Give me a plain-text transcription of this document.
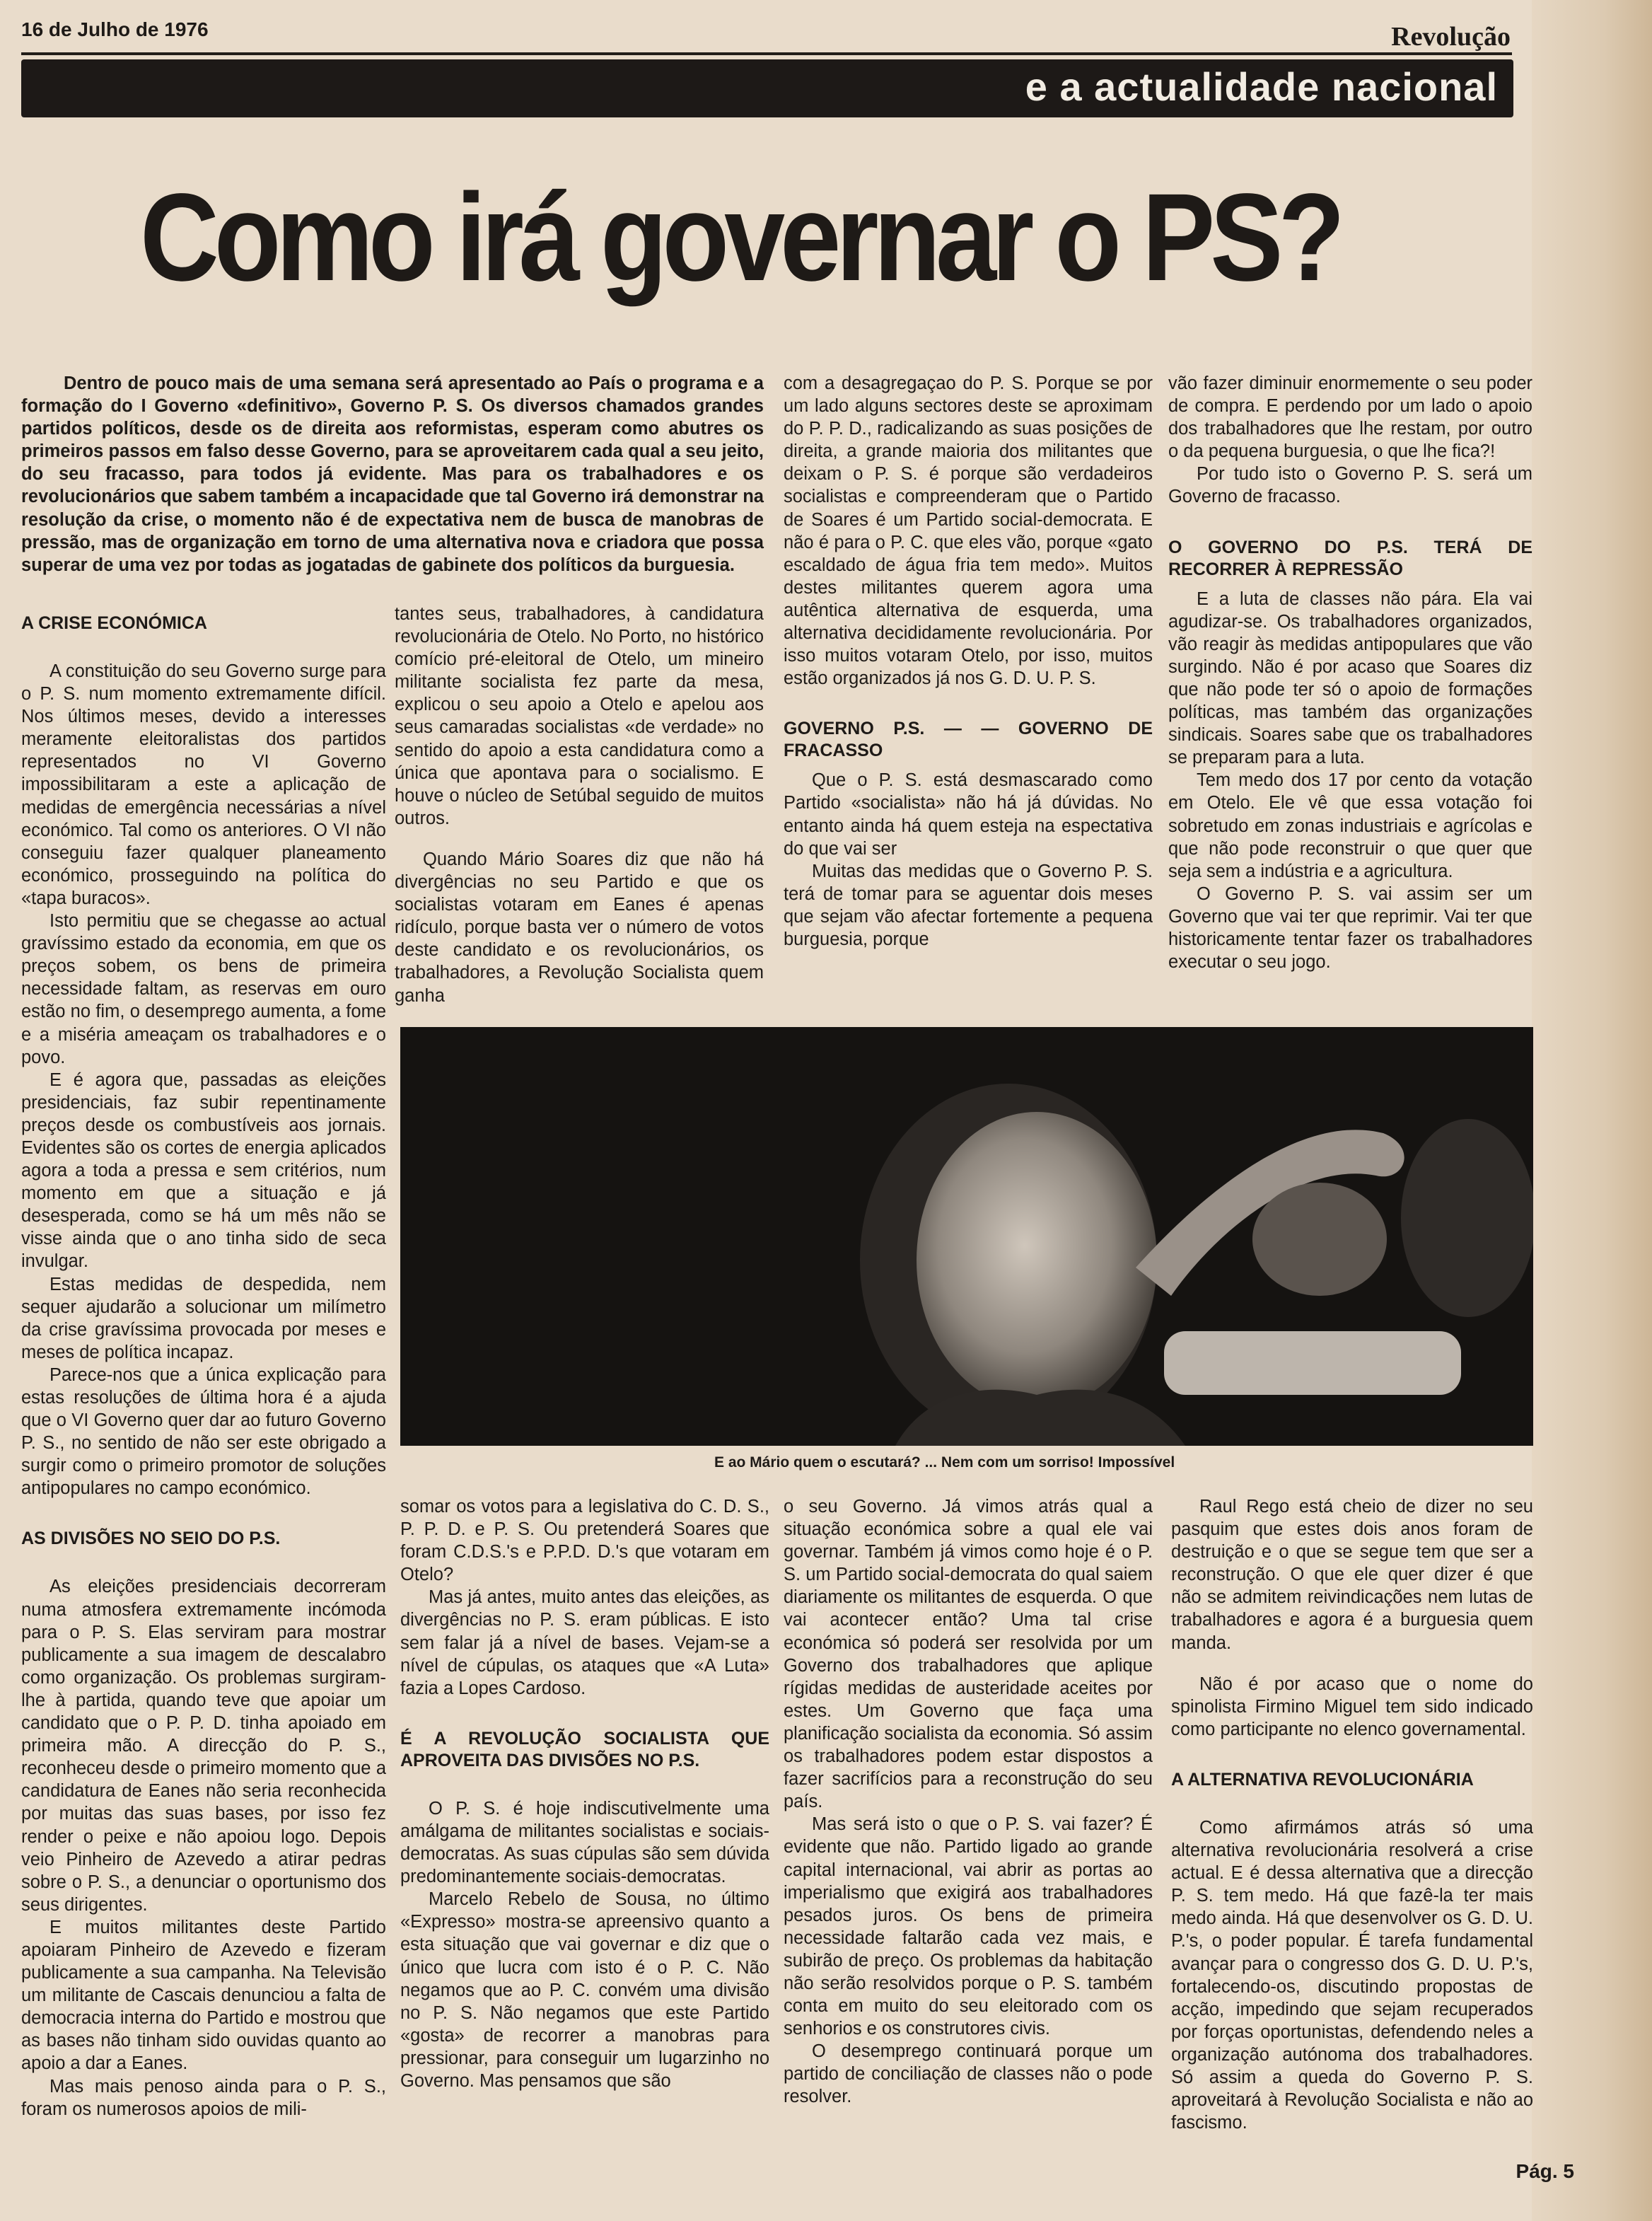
16 de Julho de 1976	Revolução
e a actualidade nacional
Como irá governar o PS?

Dentro de pouco mais de uma semana será apresentado ao País o programa e a formação do I Governo «definitivo», Governo P. S. Os diversos chamados grandes partidos políticos, desde os de direita aos reformistas, esperam como abutres os primeiros passos em falso desse Governo, para se aproveitarem cada qual a seu jeito, do seu fracasso, para todos já evidente. Mas para os trabalhadores e os revolucionários que sabem também a incapacidade que tal Governo irá demonstrar na resolução da crise, o momento não é de expectativa nem de busca de manobras de pressão, mas de organização em torno de uma alternativa nova e criadora que possa superar de uma vez por todas as jogatadas de gabinete dos políticos da burguesia.

A CRISE ECONÓMICA

A constituição do seu Governo surge para o P. S. num momento extremamente difícil. Nos últimos meses, devido a interesses meramente eleitoralistas dos partidos representados no VI Governo impossibilitaram a este a aplicação de medidas de emergência necessárias a nível económico. Tal como os anteriores. O VI não conseguiu fazer qualquer planeamento económico, prosseguindo na política do «tapa buracos».

Isto permitiu que se chegasse ao actual gravíssimo estado da economia, em que os preços sobem, os bens de primeira necessidade faltam, as reservas em ouro estão no fim, o desemprego aumenta, a fome e a miséria ameaçam os trabalhadores e o povo.

E é agora que, passadas as eleições presidenciais, faz subir repentinamente preços desde os combustíveis aos jornais. Evidentes são os cortes de energia aplicados agora a toda a pressa e sem critérios, num momento em que a situação e já desesperada, como se há um mês não se visse ainda que o ano tinha sido de seca invulgar.

Estas medidas de despedida, nem sequer ajudarão a solucionar um milímetro da crise gravíssima provocada por meses e meses de política incapaz.

Parece-nos que a única explicação para estas resoluções de última hora é a ajuda que o VI Governo quer dar ao futuro Governo P. S., no sentido de não ser este obrigado a surgir como o primeiro promotor de soluções antipopulares no campo económico.

AS DIVISÕES NO SEIO DO P.S.

As eleições presidenciais decorreram numa atmosfera extremamente incómoda para o P. S. Elas serviram para mostrar publicamente a sua imagem de descalabro como organização. Os problemas surgiram-lhe à partida, quando teve que apoiar um candidato que o P. P. D. tinha apoiado em primeira mão. A direcção do P. S., reconheceu desde o primeiro momento que a candidatura de Eanes não seria reconhecida por muitas das suas bases, por isso fez render o peixe e não apoiou logo. Depois veio Pinheiro de Azevedo a atirar pedras sobre o P. S., a denunciar o oportunismo dos seus dirigentes.

E muitos militantes deste Partido apoiaram Pinheiro de Azevedo e fizeram publicamente a sua campanha. Na Televisão um militante de Cascais denunciou a falta de democracia interna do Partido e mostrou que as bases não tinham sido ouvidas quanto ao apoio a dar a Eanes.

Mas mais penoso ainda para o P. S., foram os numerosos apoios de mili-

tantes seus, trabalhadores, à candidatura revolucionária de Otelo. No Porto, no histórico comício pré-eleitoral de Otelo, um mineiro militante socialista fez parte da mesa, explicou o seu apoio a Otelo e apelou aos seus camaradas socialistas «de verdade» no sentido do apoio a esta candidatura como a única que apontava para o socialismo. E houve o núcleo de Setúbal seguido de muitos outros.

Quando Mário Soares diz que não há divergências no seu Partido e que os socialistas votaram em Eanes é apenas ridículo, porque basta ver o número de votos deste candidato e os revolucionários, os trabalhadores, a Revolução Socialista quem ganha

com a desagregaçao do P. S. Porque se por um lado alguns sectores deste se aproximam do P. P. D., radicalizando as suas posições de direita, a grande maioria dos militantes que deixam o P. S. é porque são verdadeiros socialistas e compreenderam que o Partido de Soares é um Partido social-democrata. E não é para o P. C. que eles vão, porque «gato escaldado de água fria tem medo». Muitos destes militantes querem agora uma autêntica alternativa de esquerda, uma alternativa decididamente revolucionária. Por isso muitos votaram Otelo, por isso, muitos estão organizados já nos G. D. U. P. S.

GOVERNO P.S. — — GOVERNO DE FRACASSO

Que o P. S. está desmascarado como Partido «socialista» não há já dúvidas. No entanto ainda há quem esteja na espectativa do que vai ser

Muitas das medidas que o Governo P. S. terá de tomar para se aguentar dois meses que sejam vão afectar fortemente a pequena burguesia, porque

vão fazer diminuir enormemente o seu poder de compra. E perdendo por um lado o apoio dos trabalhadores que lhe restam, por outro o da pequena burguesia, o que lhe fica?!

Por tudo isto o Governo P. S. será um Governo de fracasso.

O GOVERNO DO P.S. TERÁ DE RECORRER À REPRESSÃO

E a luta de classes não pára. Ela vai agudizar-se. Os trabalhadores organizados, vão reagir às medidas antipopulares que vão surgindo. Não é por acaso que Soares diz que não pode ter só o apoio de formações políticas, mas também das organizações sindicais. Soares sabe que os trabalhadores se preparam para a luta.

Tem medo dos 17 por cento da votação em Otelo. Ele vê que essa votação foi sobretudo em zonas industriais e agrícolas e que não pode reconstruir o que quer que seja sem a indústria e a agricultura.

O Governo P. S. vai assim ser um Governo que vai ter que reprimir. Vai ter que historicamente tentar fazer os trabalhadores executar o seu jogo.

E ao Mário quem o escutará? ... Nem com um sorriso! Impossível

somar os votos para a legislativa do C. D. S., P. P. D. e P. S. Ou pretenderá Soares que foram C.D.S.'s e P.P.D. D.'s que votaram em Otelo?

Mas já antes, muito antes das eleições, as divergências no P. S. eram públicas. E isto sem falar já a nível de bases. Vejam-se a nível de cúpulas, os ataques que «A Luta» fazia a Lopes Cardoso.

É A REVOLUÇÃO SOCIALISTA QUE APROVEITA DAS DIVISÕES NO P.S.

O P. S. é hoje indiscutivelmente uma amálgama de militantes socialistas e sociais-democratas. As suas cúpulas são sem dúvida predominantemente sociais-democratas.

Marcelo Rebelo de Sousa, no último «Expresso» mostra-se apreensivo quanto a esta situação que vai governar e diz que o único que lucra com isto é o P. C. Não negamos que ao P. C. convém uma divisão no P. S. Não negamos que este Partido «gosta» de recorrer a manobras para pressionar, para conseguir um lugarzinho no Governo. Mas pensamos que são

o seu Governo. Já vimos atrás qual a situação económica sobre a qual ele vai governar. Também já vimos como hoje é o P. S. um Partido social-democrata do qual saiem diariamente os militantes de esquerda. O que vai acontecer então? Uma tal crise económica só poderá ser resolvida por um Governo dos trabalhadores que aplique rígidas medidas de austeridade aceites por estes. Um Governo que faça uma planificação socialista da economia. Só assim os trabalhadores podem estar dispostos a fazer sacrifícios para a reconstrução do seu país.

Mas será isto o que o P. S. vai fazer? É evidente que não. Partido ligado ao grande capital internacional, vai abrir as portas ao imperialismo que exigirá aos trabalhadores pesados juros. Os bens de primeira necessidade faltarão cada vez mais, e subirão de preço. Os problemas da habitação não serão resolvidos porque o P. S. também conta em muito do seu eleitorado com os senhorios e os construtores civis.

O desemprego continuará porque um partido de conciliação de classes não o pode resolver.

Raul Rego está cheio de dizer no seu pasquim que estes dois anos foram de destruição e o que se segue tem que ser a reconstrução. O que ele quer dizer é que não se admitem reivindicações nem lutas de trabalhadores e agora é a burguesia quem manda.

Não é por acaso que o nome do spinolista Firmino Miguel tem sido indicado como participante no elenco governamental.

A ALTERNATIVA REVOLUCIONÁRIA

Como afirmámos atrás só uma alternativa revolucionária resolverá a crise actual. E é dessa alternativa que a direcção P. S. tem medo. Há que fazê-la ter mais medo ainda. Há que desenvolver os G. D. U. P.'s, o poder popular. É tarefa fundamental avançar para o congresso dos G. D. U. P.'s, fortalecendo-os, discutindo propostas de acção, impedindo que sejam recuperados por forças oportunistas, defendendo neles a organização autónoma dos trabalhadores. Só assim a queda do Governo P. S. aproveitará à Revolução Socialista e não ao fascismo.

Pág. 5
